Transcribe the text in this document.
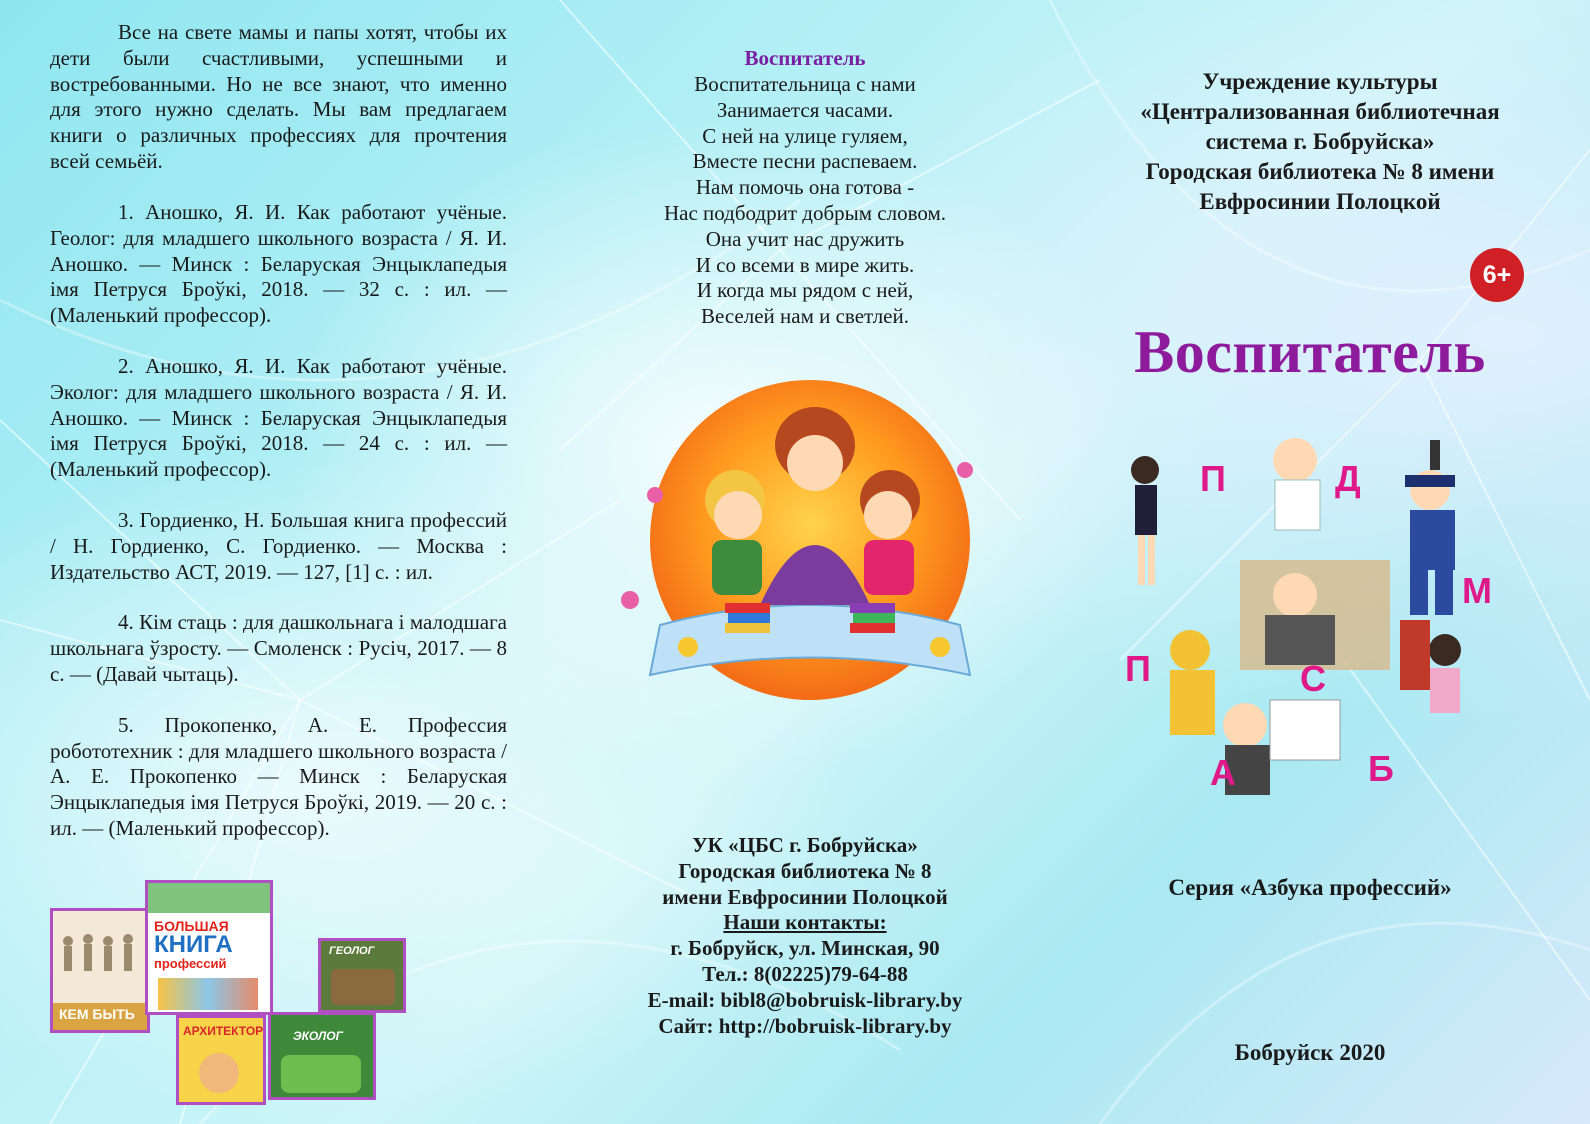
Все на свете мамы и папы хотят, чтобы их дети были счастливыми, успешными и востребованными. Но не все знают, что именно для этого нужно сделать. Мы вам предлагаем книги о различных профессиях для прочтения всей семьёй.

1. Аношко, Я. И. Как работают учёные. Геолог: для младшего школьного возраста / Я. И. Аношко. — Минск : Беларуская Энцыклапедыя імя Петруся Броўкі, 2018. — 32 с. : ил. — (Маленький профессор).
2. Аношко, Я. И. Как работают учёные. Эколог: для младшего школьного возраста / Я. И. Аношко. — Минск : Беларуская Энцыклапедыя імя Петруся Броўкі, 2018. — 24 с. : ил. — (Маленький профессор).
3. Гордиенко, Н. Большая книга профессий / Н. Гордиенко, С. Гордиенко. — Москва : Издательство АСТ, 2019. — 127, [1] с. : ил.
4. Кім стаць : для дашкольнага і малодшага школьнага ўзросту. — Смоленск : Русіч, 2017. — 8 с. — (Давай чытаць).
5. Прокопенко, А. Е. Профессия робототехник : для младшего школьного возраста / А. Е. Прокопенко — Минск : Беларуская Энцыклапедыя імя Петруся Броўкі, 2019. — 20 с. : ил. — (Маленький профессор).
КЕМ БЫТЬ
БОЛЬШАЯ
КНИГА
профессий
ГЕОЛОГ
АРХИТЕКТОР ЭКОЛОГ
Воспитатель
Воспитательница с нами
Занимается часами.
С ней на улице гуляем,
Вместе песни распеваем.
Нам помочь она готова -
Нас подбодрит добрым словом.
Она учит нас дружить
И со всеми в мире жить.
И когда мы рядом с ней,
Веселей нам и светлей.
УК «ЦБС г. Бобруйска»
Городская библиотека № 8
имени Евфросинии Полоцкой
Наши контакты:
г. Бобруйск, ул. Минская, 90
Тел.: 8(02225)79-64-88
E-mail: bibl8@bobruisk-library.by
Сайт: http://bobruisk-library.by
Учреждение культуры
«Централизованная библиотечная
система г. Бобруйска»
Городская библиотека № 8 имени
Евфросинии Полоцкой
6+
Воспитатель
П	Д
М
П	С
А	Б
Серия «Азбука профессий»
Бобруйск 2020
